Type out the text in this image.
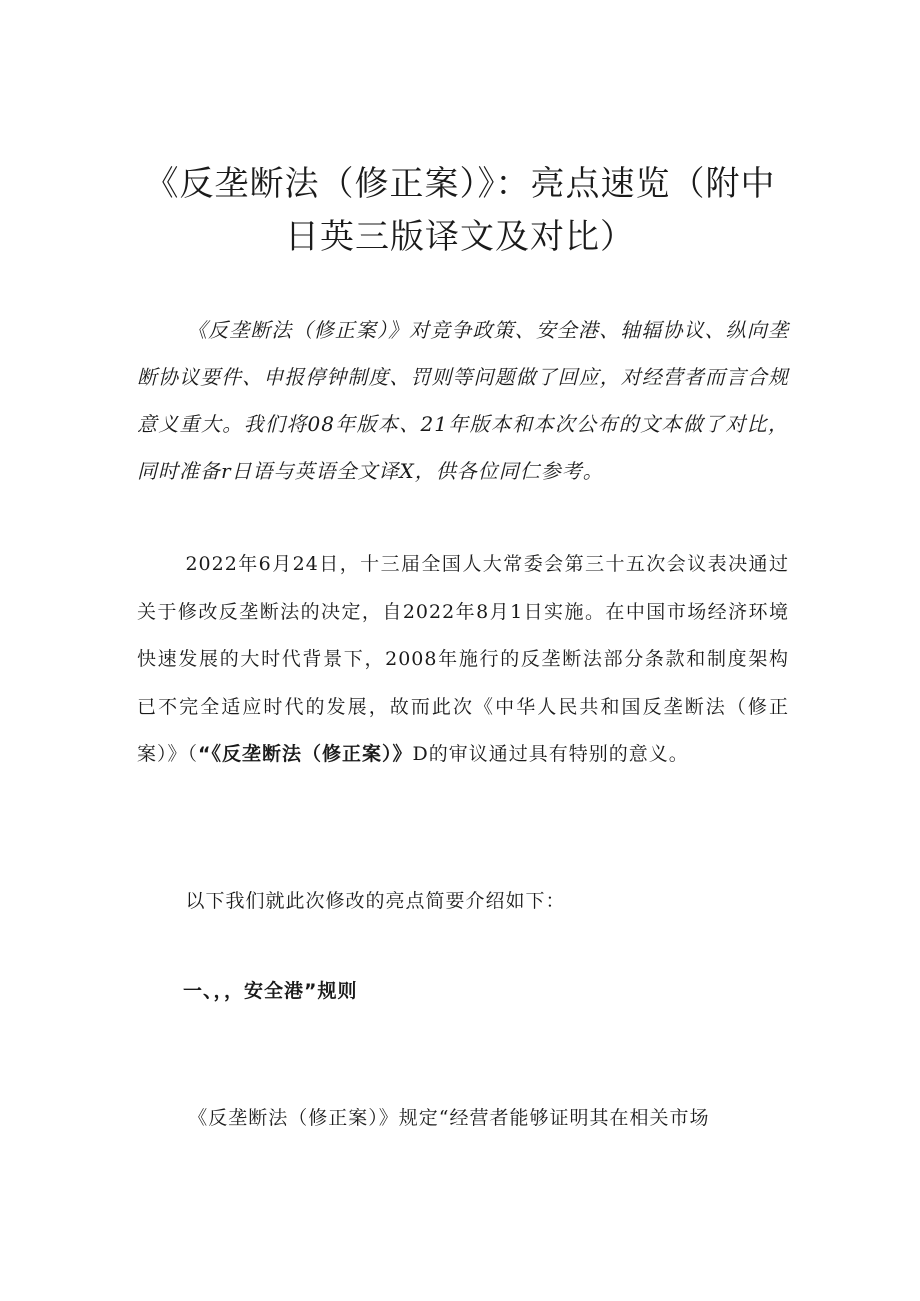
《反垄断法（修正案）》：亮点速览（附中
日英三版译文及对比）

《反垄断法（修正案）》对竞争政策、安全港、轴辐协议、纵向垄断协议要件、申报停钟制度、罚则等问题做了回应，对经营者而言合规意义重大。我们将08年版本、21年版本和本次公布的文本做了对比，同时准备r日语与英语全文译X，供各位同仁参考。

2022年6月24日，十三届全国人大常委会第三十五次会议表决通过关于修改反垄断法的决定，自2022年8月1日实施。在中国市场经济环境快速发展的大时代背景下，2008年施行的反垄断法部分条款和制度架构已不完全适应时代的发展，故而此次《中华人民共和国反垄断法（修正案）》（“《反垄断法（修正案）》D的审议通过具有特别的意义。

以下我们就此次修改的亮点简要介绍如下：

一、，，安全港”规则

《反垄断法（修正案）》规定“经营者能够证明其在相关市场
